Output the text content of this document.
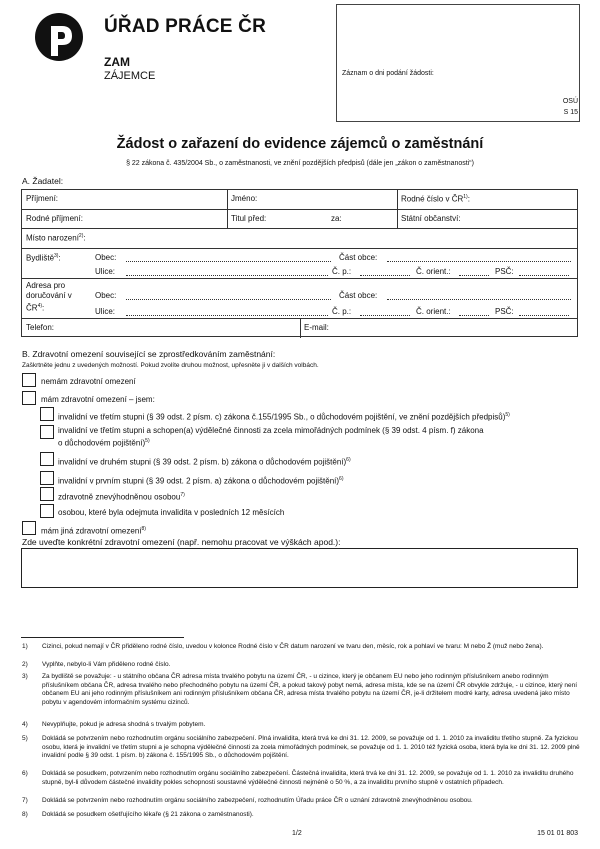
ÚŘAD PRÁCE ČR
ZAM
ZÁJEMCE	Záznam o dni podání žádosti:
OSÚ
S 15
Žádost o zařazení do evidence zájemců o zaměstnání
§ 22 zákona č. 435/2004 Sb., o zaměstnanosti, ve znění pozdějších předpisů (dále jen „zákon o zaměstnanosti“)
A. Žadatel:
Příjmení:	Jméno:	Rodné číslo v ČR$^{1)}$:
Rodné příjmení:	Titul před:	za:	Státní občanství:
Místo narození$^{2)}$:
Bydliště$^{3)}$:	Obec:	Část obce:
Ulice:	Č. p.:	Č. orient.:	PSČ:
Adresa pro doručování v ČR$^{4)}$:
Obec:	Část obce:
Ulice:	Č. p.:	Č. orient.:	PSČ:
Telefon:	E-mail:
B. Zdravotní omezení související se zprostředkováním zaměstnání:
Zaškrtněte jednu z uvedených možností. Pokud zvolíte druhou možnost, upřesněte ji v dalších volbách.
nemám zdravotní omezení
mám zdravotní omezení – jsem:
invalidní ve třetím stupni (§ 39 odst. 2 písm. c) zákona č.155/1995 Sb., o důchodovém pojištění, ve znění pozdějších předpisů)$^{5)}$
invalidní ve třetím stupni a schopen(a) výdělečné činnosti za zcela mimořádných podmínek (§ 39 odst. 4 písm. f) zákona
o důchodovém pojištění)$^{5)}$
invalidní ve druhém stupni (§ 39 odst. 2 písm. b) zákona o důchodovém pojištění)$^{6)}$
invalidní v prvním stupni (§ 39 odst. 2 písm. a) zákona o důchodovém pojištění)$^{6)}$
zdravotně znevýhodněnou osobou$^{7)}$
osobou, které byla odejmuta invalidita v posledních 12 měsících
mám jiná zdravotní omezení$^{8)}$
Zde uveďte konkrétní zdravotní omezení (např. nemohu pracovat ve výškách apod.):
1) Cizinci, pokud nemají v ČR přiděleno rodné číslo, uvedou v kolonce Rodné číslo v ČR datum narození ve tvaru den, měsíc, rok a pohlaví ve tvaru: M nebo Ž (muž nebo žena).
2) Vyplňte, nebylo-li Vám přiděleno rodné číslo.
3) Za bydliště se považuje: - u státního občana ČR adresa místa trvalého pobytu na území ČR, - u cizince, který je občanem EU nebo jeho rodinným příslušníkem anebo rodinným příslušníkem občana ČR, adresa trvalého nebo přechodného pobytu na území ČR, a pokud takový pobyt nemá, adresa místa, kde se na území ČR obvykle zdržuje, - u cizince, který není občanem EU ani jeho rodinným příslušníkem ani rodinným příslušníkem občana ČR, adresa místa trvalého pobytu na území ČR, je-li držitelem modré karty, adresa uvedená jako místo pobytu v agendovém informačním systému cizinců.
4) Nevyplňujte, pokud je adresa shodná s trvalým pobytem.
5) Dokládá se potvrzením nebo rozhodnutím orgánu sociálního zabezpečení. Plná invalidita, která trvá ke dni 31. 12. 2009, se považuje od 1. 1. 2010 za invaliditu třetího stupně. Za fyzickou osobu, která je invalidní ve třetím stupni a je schopna výdělečné činnosti za zcela mimořádných podmínek, se považuje od 1. 1. 2010 též fyzická osoba, která byla ke dni 31. 12. 2009 plně invalidní podle § 39 odst. 1 písm. b) zákona č. 155/1995 Sb., o důchodovém pojištění.
6) Dokládá se posudkem, potvrzením nebo rozhodnutím orgánu sociálního zabezpečení. Částečná invalidita, která trvá ke dni 31. 12. 2009, se považuje od 1. 1. 2010 za invaliditu druhého stupně, byl-li důvodem částečné invalidity pokles schopnosti soustavné výdělečné činnosti nejméně o 50 %, a za invaliditu prvního stupně v ostatních případech.
7) Dokládá se potvrzením nebo rozhodnutím orgánu sociálního zabezpečení, rozhodnutím Úřadu práce ČR o uznání zdravotně znevýhodněnou osobou.
8) Dokládá se posudkem ošetřujícího lékaře (§ 21 zákona o zaměstnanosti).
1/2	15 01 01 803
